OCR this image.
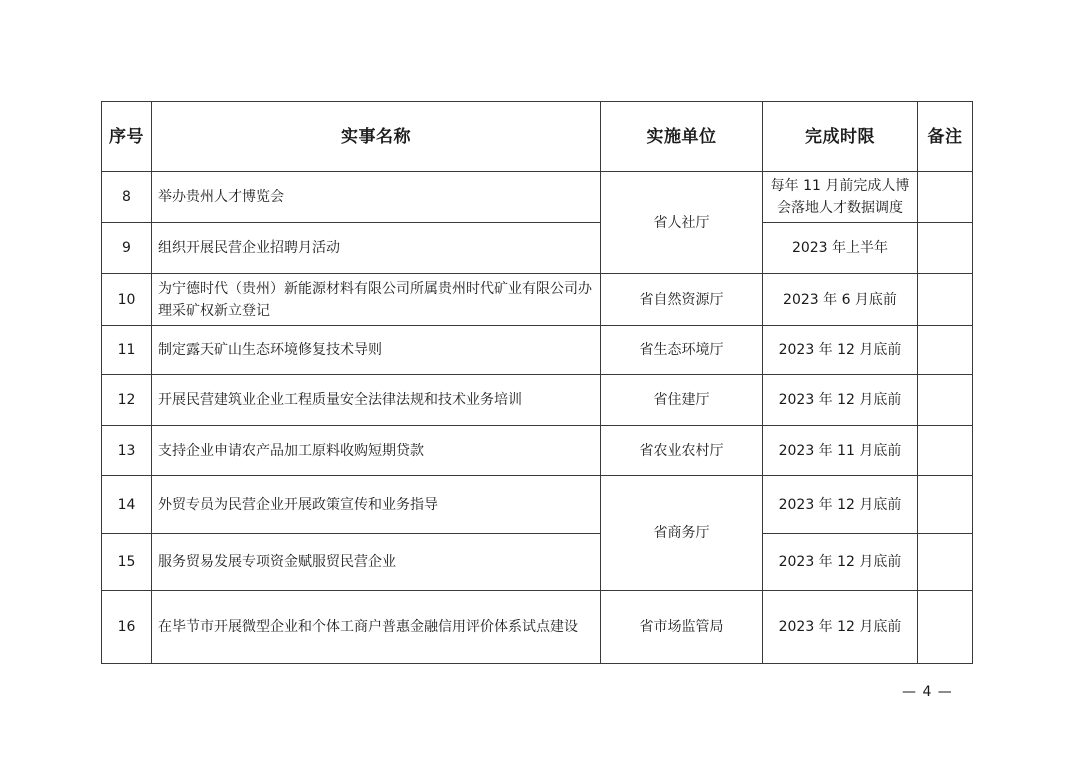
序号	实事名称	实施单位	完成时限	备注
8	举办贵州人才博览会	省人社厅	每年 11 月前完成人博会落地人才数据调度	
9	组织开展民营企业招聘月活动		2023 年上半年	
10	为宁德时代（贵州）新能源材料有限公司所属贵州时代矿业有限公司办理采矿权新立登记	省自然资源厅	2023 年 6 月底前	
11	制定露天矿山生态环境修复技术导则	省生态环境厅	2023 年 12 月底前	
12	开展民营建筑业企业工程质量安全法律法规和技术业务培训	省住建厅	2023 年 12 月底前	
13	支持企业申请农产品加工原料收购短期贷款	省农业农村厅	2023 年 11 月底前	
14	外贸专员为民营企业开展政策宣传和业务指导	省商务厅	2023 年 12 月底前	
15	服务贸易发展专项资金赋服贸民营企业		2023 年 12 月底前	
16	在毕节市开展微型企业和个体工商户普惠金融信用评价体系试点建设	省市场监管局	2023 年 12 月底前	
— 4 —
